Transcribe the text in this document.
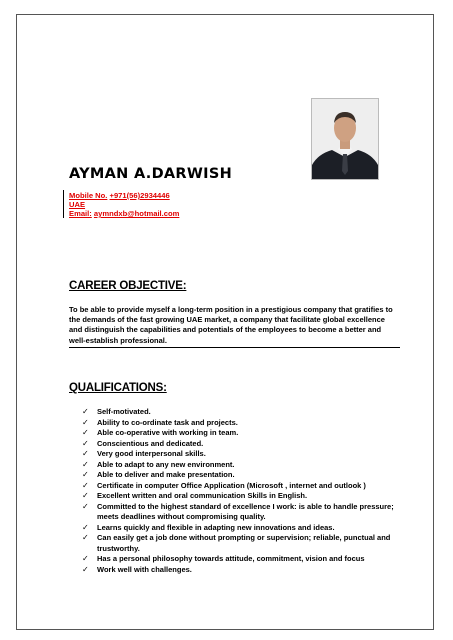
AYMAN A.DARWISH
Mobile No. +971(56)2934446
UAE
Email: aymndxb@hotmail.com
CAREER OBJECTIVE:
To be able to provide myself a long-term position in a prestigious company that gratifies to
the demands of the fast growing UAE market, a company that facilitate global excellence
and distinguish the capabilities and potentials of the employees to become a better and
well-establish professional.
QUALIFICATIONS:
✓ Self-motivated.
✓ Ability to co-ordinate task and projects.
✓ Able co-operative with working in team.
✓ Conscientious and dedicated.
✓ Very good interpersonal skills.
✓ Able to adapt to any new environment.
✓ Able to deliver and make presentation.
✓ Certificate in computer Office Application (Microsoft , internet and outlook )
✓ Excellent written and oral communication Skills in English.
✓ Committed to the highest standard of excellence I work: is able to handle pressure; meets deadlines without compromising quality.
✓ Learns quickly and flexible in adapting new innovations and ideas.
✓ Can easily get a job done without prompting or supervision; reliable, punctual and trustworthy.
✓ Has a personal philosophy towards attitude, commitment, vision and focus
✓ Work well with challenges.
